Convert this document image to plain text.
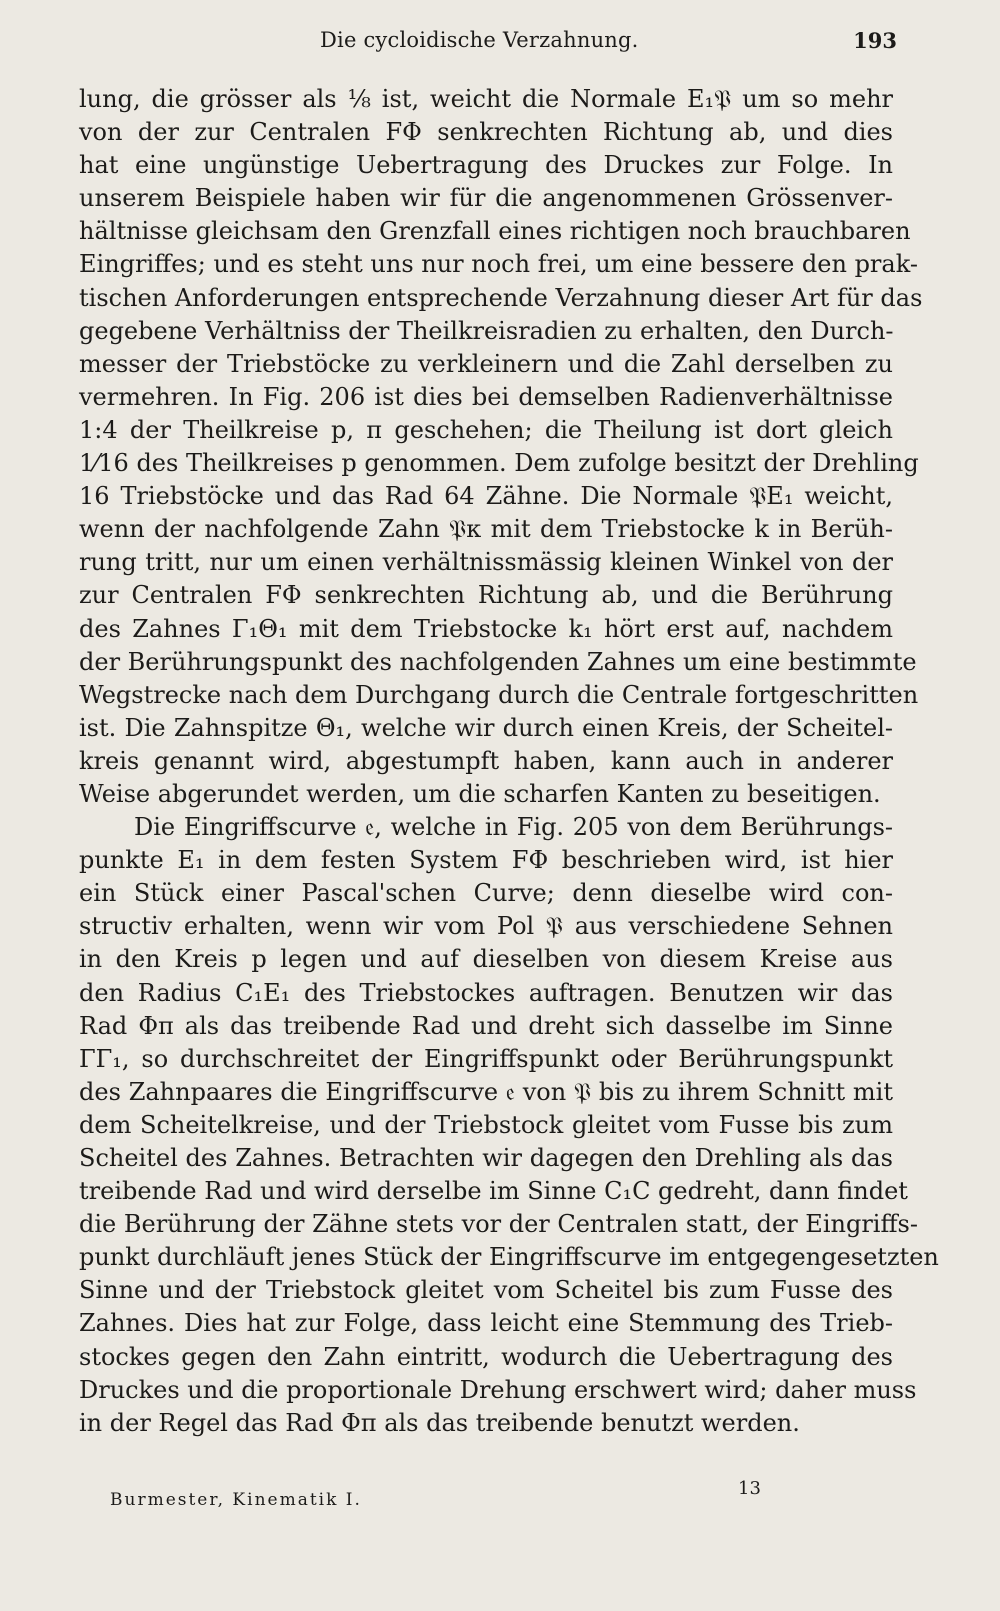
Die cycloidische Verzahnung.	193
lung, die grösser als ⅛ ist, weicht die Normale E₁𝔓 um so mehr
von der zur Centralen FΦ senkrechten Richtung ab, und dies
hat eine ungünstige Uebertragung des Druckes zur Folge. In
unserem Beispiele haben wir für die angenommenen Grössenver-
hältnisse gleichsam den Grenzfall eines richtigen noch brauchbaren
Eingriffes; und es steht uns nur noch frei, um eine bessere den prak-
tischen Anforderungen entsprechende Verzahnung dieser Art für das
gegebene Verhältniss der Theilkreisradien zu erhalten, den Durch-
messer der Triebstöcke zu verkleinern und die Zahl derselben zu
vermehren. In Fig. 206 ist dies bei demselben Radienverhältnisse
1:4 der Theilkreise p, π geschehen; die Theilung ist dort gleich
1⁄16 des Theilkreises p genommen. Dem zufolge besitzt der Drehling
16 Triebstöcke und das Rad 64 Zähne. Die Normale 𝔓E₁ weicht,
wenn der nachfolgende Zahn 𝔓κ mit dem Triebstocke k in Berüh-
rung tritt, nur um einen verhältnissmässig kleinen Winkel von der
zur Centralen FΦ senkrechten Richtung ab, und die Berührung
des Zahnes Γ₁Θ₁ mit dem Triebstocke k₁ hört erst auf, nachdem
der Berührungspunkt des nachfolgenden Zahnes um eine bestimmte
Wegstrecke nach dem Durchgang durch die Centrale fortgeschritten
ist. Die Zahnspitze Θ₁, welche wir durch einen Kreis, der Scheitel-
kreis genannt wird, abgestumpft haben, kann auch in anderer
Weise abgerundet werden, um die scharfen Kanten zu beseitigen.
Die Eingriffscurve 𝔢, welche in Fig. 205 von dem Berührungs-
punkte E₁ in dem festen System FΦ beschrieben wird, ist hier
ein Stück einer Pascal'schen Curve; denn dieselbe wird con-
structiv erhalten, wenn wir vom Pol 𝔓 aus verschiedene Sehnen
in den Kreis p legen und auf dieselben von diesem Kreise aus
den Radius C₁E₁ des Triebstockes auftragen. Benutzen wir das
Rad Φπ als das treibende Rad und dreht sich dasselbe im Sinne
ΓΓ₁, so durchschreitet der Eingriffspunkt oder Berührungspunkt
des Zahnpaares die Eingriffscurve 𝔢 von 𝔓 bis zu ihrem Schnitt mit
dem Scheitelkreise, und der Triebstock gleitet vom Fusse bis zum
Scheitel des Zahnes. Betrachten wir dagegen den Drehling als das
treibende Rad und wird derselbe im Sinne C₁C gedreht, dann findet
die Berührung der Zähne stets vor der Centralen statt, der Eingriffs-
punkt durchläuft jenes Stück der Eingriffscurve im entgegengesetzten
Sinne und der Triebstock gleitet vom Scheitel bis zum Fusse des
Zahnes. Dies hat zur Folge, dass leicht eine Stemmung des Trieb-
stockes gegen den Zahn eintritt, wodurch die Uebertragung des
Druckes und die proportionale Drehung erschwert wird; daher muss
in der Regel das Rad Φπ als das treibende benutzt werden.
Burmester, Kinematik I.
13
